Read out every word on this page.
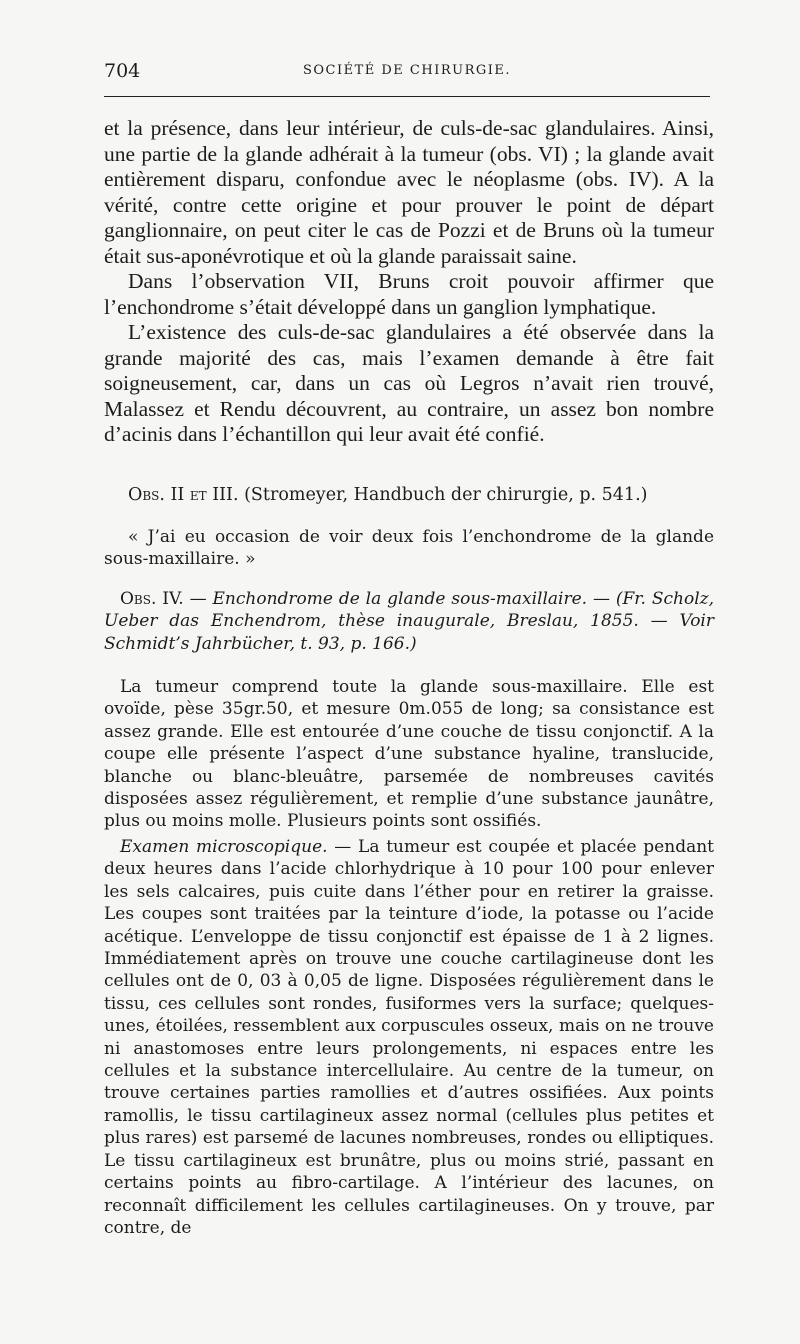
704	SOCIÉTÉ DE CHIRURGIE.

et la présence, dans leur intérieur, de culs-de-sac glandulaires. Ainsi, une partie de la glande adhérait à la tumeur (obs. VI) ; la glande avait entièrement disparu, confondue avec le néoplasme (obs. IV). A la vérité, contre cette origine et pour prouver le point de départ ganglionnaire, on peut citer le cas de Pozzi et de Bruns où la tumeur était sus-aponévrotique et où la glande paraissait saine.

Dans l’observation VII, Bruns croit pouvoir affirmer que l’enchondrome s’était développé dans un ganglion lymphatique.

L’existence des culs-de-sac glandulaires a été observée dans la grande majorité des cas, mais l’examen demande à être fait soigneusement, car, dans un cas où Legros n’avait rien trouvé, Malassez et Rendu découvrent, au contraire, un assez bon nombre d’acinis dans l’échantillon qui leur avait été confié.

Obs. II et III. (Stromeyer, Handbuch der chirurgie, p. 541.)

« J’ai eu occasion de voir deux fois l’enchondrome de la glande sous-maxillaire. »

Obs. IV. — Enchondrome de la glande sous-maxillaire. — (Fr. Scholz, Ueber das Enchendrom, thèse inaugurale, Breslau, 1855. — Voir Schmidt’s Jahrbücher, t. 93, p. 166.)

La tumeur comprend toute la glande sous-maxillaire. Elle est ovoïde, pèse 35gr.50, et mesure 0m.055 de long; sa consistance est assez grande. Elle est entourée d’une couche de tissu conjonctif. A la coupe elle présente l’aspect d’une substance hyaline, translucide, blanche ou blanc-bleuâtre, parsemée de nombreuses cavités disposées assez régulièrement, et remplie d’une substance jaunâtre, plus ou moins molle. Plusieurs points sont ossifiés.

Examen microscopique. — La tumeur est coupée et placée pendant deux heures dans l’acide chlorhydrique à 10 pour 100 pour enlever les sels calcaires, puis cuite dans l’éther pour en retirer la graisse. Les coupes sont traitées par la teinture d’iode, la potasse ou l’acide acétique. L’enveloppe de tissu conjonctif est épaisse de 1 à 2 lignes. Immédiatement après on trouve une couche cartilagineuse dont les cellules ont de 0, 03 à 0,05 de ligne. Disposées régulièrement dans le tissu, ces cellules sont rondes, fusiformes vers la surface; quelques-unes, étoilées, ressemblent aux corpuscules osseux, mais on ne trouve ni anastomoses entre leurs prolongements, ni espaces entre les cellules et la substance intercellulaire. Au centre de la tumeur, on trouve certaines parties ramollies et d’autres ossifiées. Aux points ramollis, le tissu cartilagineux assez normal (cellules plus petites et plus rares) est parsemé de lacunes nombreuses, rondes ou elliptiques. Le tissu cartilagineux est brunâtre, plus ou moins strié, passant en certains points au fibro-cartilage. A l’intérieur des lacunes, on reconnaît difficilement les cellules cartilagineuses. On y trouve, par contre, de
